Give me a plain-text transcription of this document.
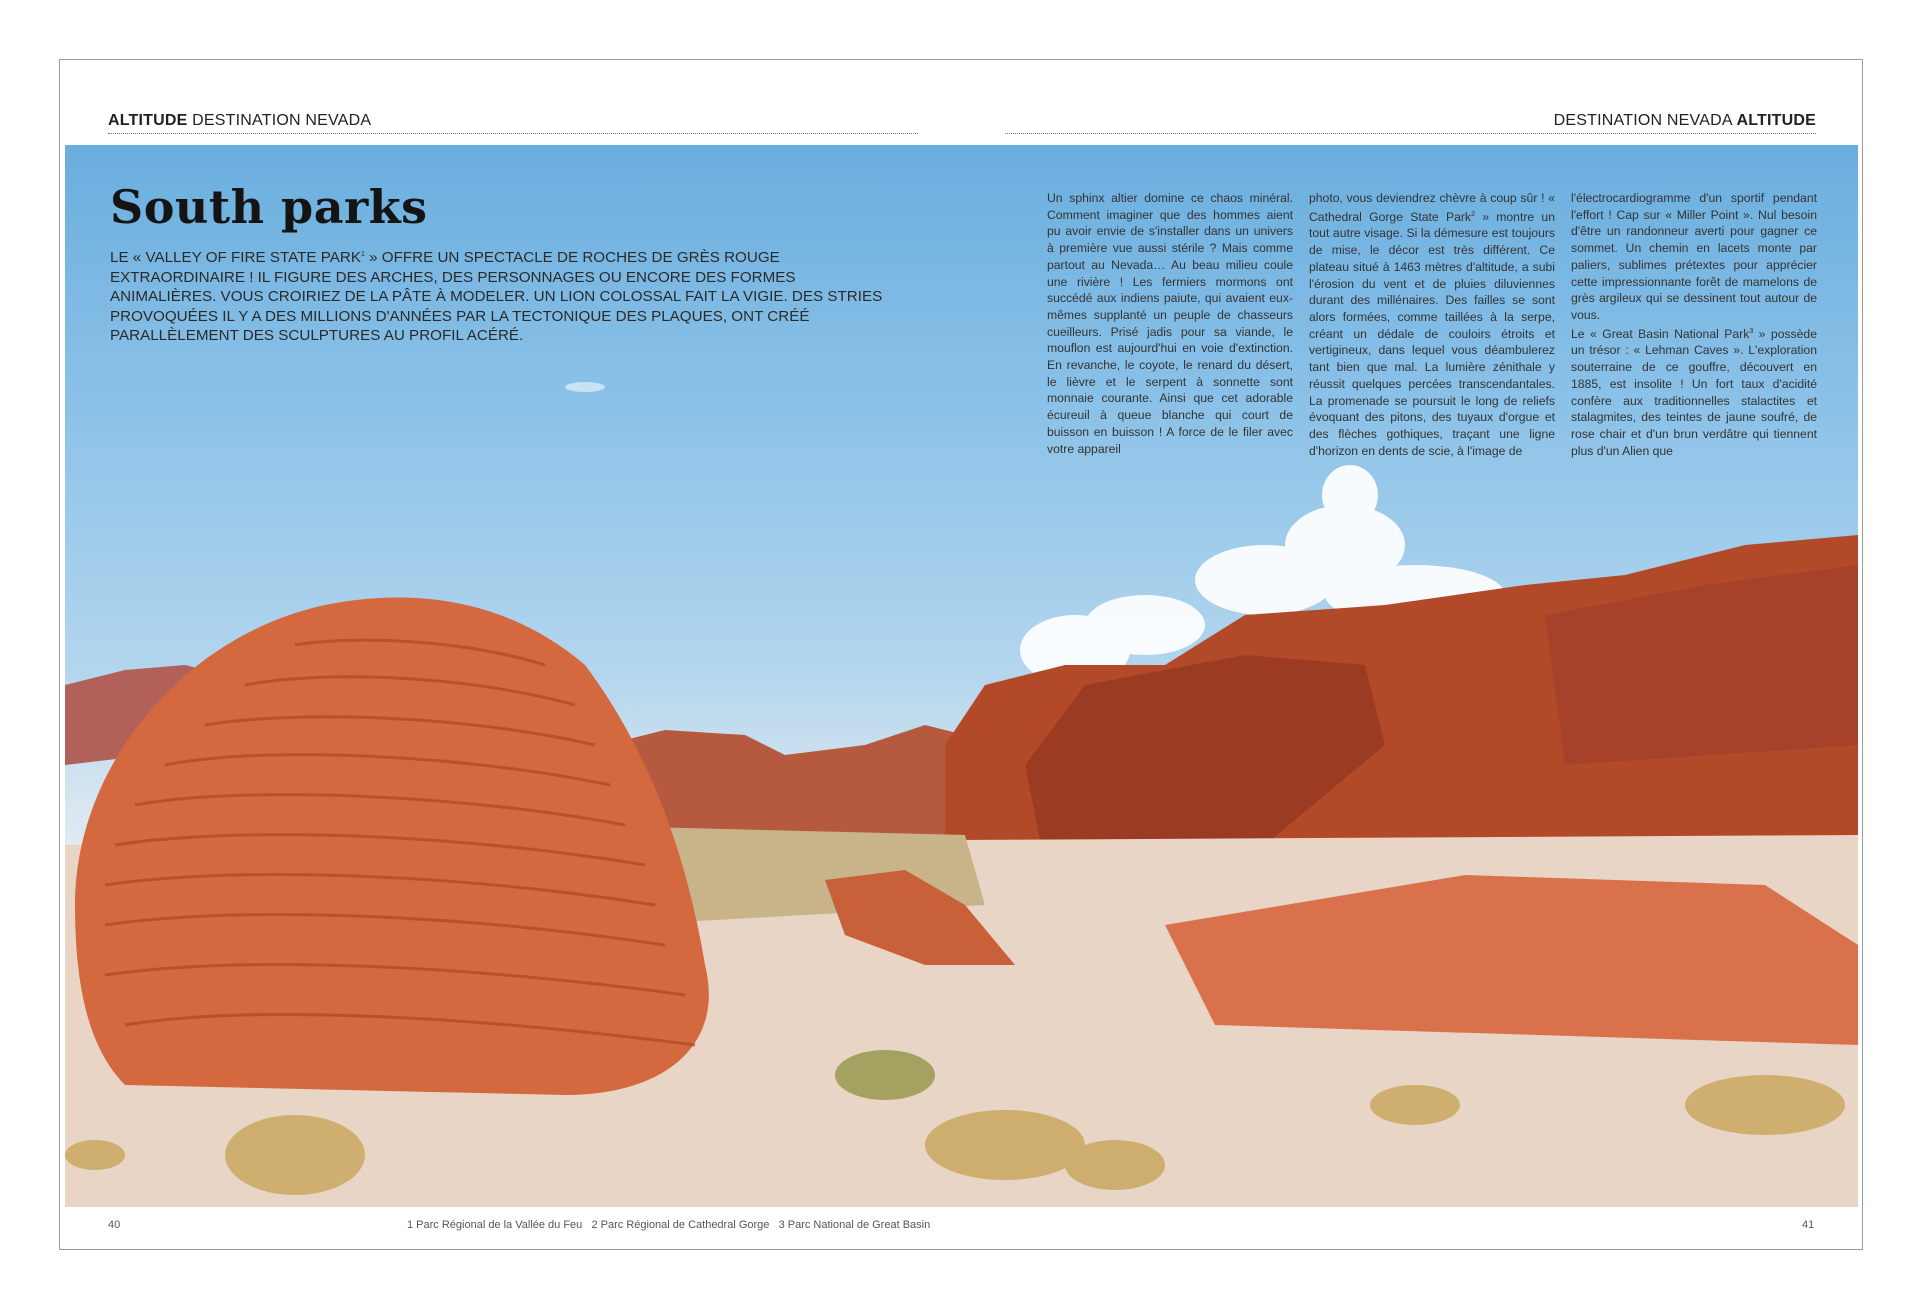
ALTITUDE DESTINATION NEVADA	DESTINATION NEVADA ALTITUDE
South parks
LE « VALLEY OF FIRE STATE PARK$^1$ » OFFRE UN SPECTACLE DE ROCHES DE GRÈS ROUGE EXTRAORDINAIRE ! IL FIGURE DES ARCHES, DES PERSONNAGES OU ENCORE DES FORMES ANIMALIÈRES. VOUS CROIRIEZ DE LA PÂTE À MODELER. UN LION COLOSSAL FAIT LA VIGIE. DES STRIES PROVOQUÉES IL Y A DES MILLIONS D'ANNÉES PAR LA TECTONIQUE DES PLAQUES, ONT CRÉÉ PARALLÈLEMENT DES SCULPTURES AU PROFIL ACÉRÉ.

Un sphinx altier domine ce chaos minéral. Comment imaginer que des hommes aient pu avoir envie de s'installer dans un univers à première vue aussi stérile ? Mais comme partout au Nevada… Au beau milieu coule une rivière ! Les fermiers mormons ont succédé aux indiens paiute, qui avaient eux-mêmes supplanté un peuple de chasseurs cueilleurs. Prisé jadis pour sa viande, le mouflon est aujourd'hui en voie d'extinction. En revanche, le coyote, le renard du désert, le lièvre et le serpent à sonnette sont monnaie courante. Ainsi que cet adorable écureuil à queue blanche qui court de buisson en buisson ! A force de le filer avec votre appareil

photo, vous deviendrez chèvre à coup sûr ! « Cathedral Gorge State Park$^2$ » montre un tout autre visage. Si la démesure est toujours de mise, le décor est très différent. Ce plateau situé à 1463 mètres d'altitude, a subi l'érosion du vent et de pluies diluviennes durant des millénaires. Des failles se sont alors formées, comme taillées à la serpe, créant un dédale de couloirs étroits et vertigineux, dans lequel vous déambulerez tant bien que mal. La lumière zénithale y réussit quelques percées transcendantales. La promenade se poursuit le long de reliefs évoquant des pitons, des tuyaux d'orgue et des flèches gothiques, traçant une ligne d'horizon en dents de scie, à l'image de

l'électrocardiogramme d'un sportif pendant l'effort ! Cap sur « Miller Point ». Nul besoin d'être un randonneur averti pour gagner ce sommet. Un chemin en lacets monte par paliers, sublimes prétextes pour apprécier cette impressionnante forêt de mamelons de grès argileux qui se dessinent tout autour de vous.

Le « Great Basin National Park$^3$ » possède un trésor : « Lehman Caves ». L'exploration souterraine de ce gouffre, découvert en 1885, est insolite ! Un fort taux d'acidité confère aux traditionnelles stalactites et stalagmites, des teintes de jaune soufré, de rose chair et d'un brun verdâtre qui tiennent plus d'un Alien que

40	1 Parc Régional de la Vallée du Feu   2 Parc Régional de Cathedral Gorge   3 Parc National de Great Basin	41
